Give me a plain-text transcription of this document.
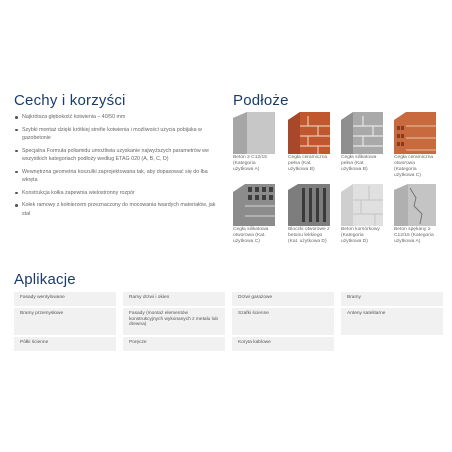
Cechy i korzyści
Najkrótsza głębokość kotwienia – 40/50 mm
Szybki montaż dzięki krótkiej strefie kotwienia i możliwości użycia pobijaka w gazobetonie
Specjalna Formuła poliamidu umożliwia uzyskanie najwyższych parametrów we wszystkich kategoriach podłoży według ETAG 020 (A, B, C, D)
Wewnętrzna geometria koszulki zaprojektowana tak, aby dopasować się do łba wkręta
Konstrukcja kołka zapewnia wielostronny rozpór
Kołek ramowy z kołnierzem przeznaczony do mocowania twardych materiałów, jak stal
Podłoże
Beton ≥ C12/15 (Kategoria użytkowa A)
Cegła ceramiczna pełna (Kat. użytkowa B)
Cegła silikatowa pełna (Kat. użytkowa B)
Cegła ceramiczna otworowa (Kategoria użytkowa C)
Cegła silikatowa otworowa (Kat. użytkowa C)
Bloczki otworowe z betonu lekkiego (Kat. użytkowa D)
Beton komórkowy (Kategoria użytkowa D)
Beton spękany ≥ C12/15 (Kategoria użytkowa A)
Aplikacje
Fasady wentylowane	Ramy drzwi i okien	Drzwi garażowe	Bramy
Bramy przemysłowe	Fasady (montaż elementów konstrukcyjnych wykonanych z metalu lub drewna)
Szafki ścienne	Anteny satelitarne
Półki ścienne	Poręcze	Koryta kablowe
